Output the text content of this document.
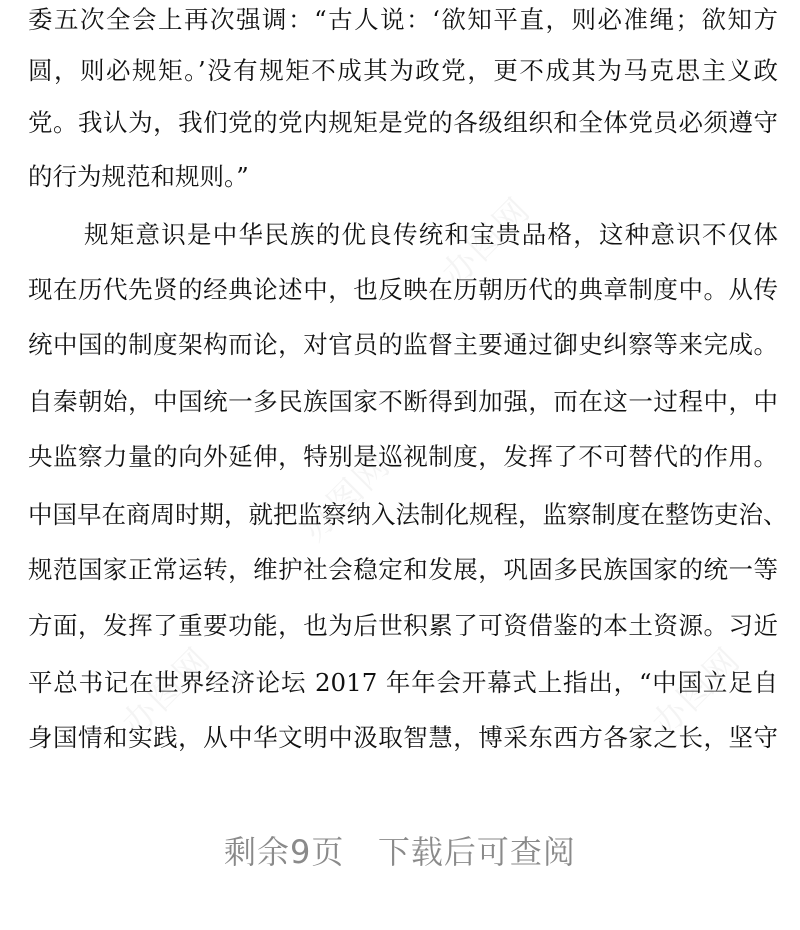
办图网
办图网
办图网	办图网
委五次全会上再次强调：“古人说：‘欲知平直，则必准绳；欲知方
圆，则必规矩。’没有规矩不成其为政党，更不成其为马克思主义政
党。我认为，我们党的党内规矩是党的各级组织和全体党员必须遵守
的行为规范和规则。”
规矩意识是中华民族的优良传统和宝贵品格，这种意识不仅体
现在历代先贤的经典论述中，也反映在历朝历代的典章制度中。从传
统中国的制度架构而论，对官员的监督主要通过御史纠察等来完成。
自秦朝始，中国统一多民族国家不断得到加强，而在这一过程中，中
央监察力量的向外延伸，特别是巡视制度，发挥了不可替代的作用。
中国早在商周时期，就把监察纳入法制化规程，监察制度在整饬吏治、
规范国家正常运转，维护社会稳定和发展，巩固多民族国家的统一等
方面，发挥了重要功能，也为后世积累了可资借鉴的本土资源。习近
平总书记在世界经济论坛 2017 年年会开幕式上指出，“中国立足自
身国情和实践，从中华文明中汲取智慧，博采东西方各家之长，坚守
剩余9页   下载后可查阅
